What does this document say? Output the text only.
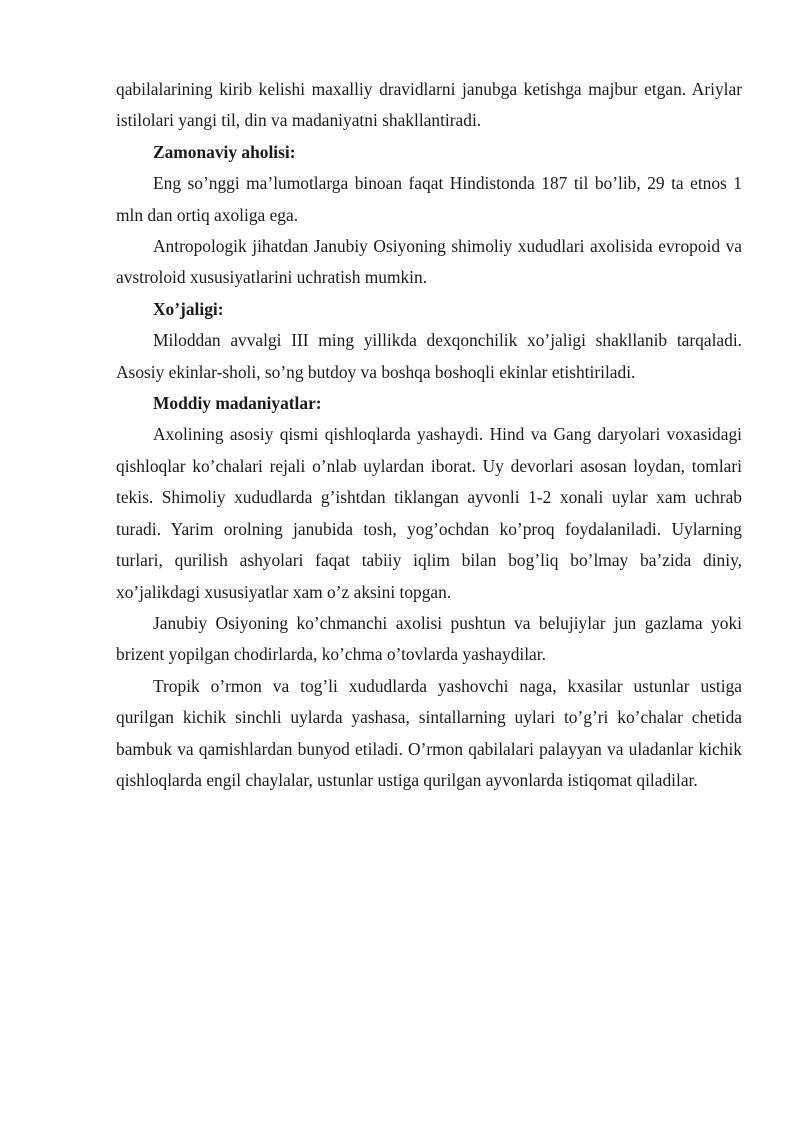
qabilalarining kirib kelishi maxalliy dravidlarni janubga ketishga majbur etgan. Ariylar istilolari yangi til, din va madaniyatni shakllantiradi.

Zamonaviy aholisi:

Eng so’nggi ma’lumotlarga binoan faqat Hindistonda 187 til bo’lib, 29 ta etnos 1 mln dan ortiq axoliga ega.

Antropologik jihatdan Janubiy Osiyoning shimoliy xududlari axolisida evropoid va avstroloid xususiyatlarini uchratish mumkin.

Xo’jaligi:

Miloddan avvalgi III ming yillikda dexqonchilik xo’jaligi shakllanib tarqaladi. Asosiy ekinlar-sholi, so’ng butdoy va boshqa boshoqli ekinlar etishtiriladi.

Moddiy madaniyatlar:

Axolining asosiy qismi qishloqlarda yashaydi. Hind va Gang daryolari voxasidagi qishloqlar ko’chalari rejali o’nlab uylardan iborat. Uy devorlari asosan loydan, tomlari tekis. Shimoliy xududlarda g’ishtdan tiklangan ayvonli 1-2 xonali uylar xam uchrab turadi. Yarim orolning janubida tosh, yog’ochdan ko’proq foydalaniladi. Uylarning turlari, qurilish ashyolari faqat tabiiy iqlim bilan bog’liq bo’lmay ba’zida diniy, xo’jalikdagi xususiyatlar xam o’z aksini topgan.

Janubiy Osiyoning ko’chmanchi axolisi pushtun va belujiylar jun gazlama yoki brizent yopilgan chodirlarda, ko’chma o’tovlarda yashaydilar.

Tropik o’rmon va tog’li xududlarda yashovchi naga, kxasilar ustunlar ustiga qurilgan kichik sinchli uylarda yashasa, sintallarning uylari to’g’ri ko’chalar chetida bambuk va qamishlardan bunyod etiladi. O’rmon qabilalari palayyan va uladanlar kichik qishloqlarda engil chaylalar, ustunlar ustiga qurilgan ayvonlarda istiqomat qiladilar.
